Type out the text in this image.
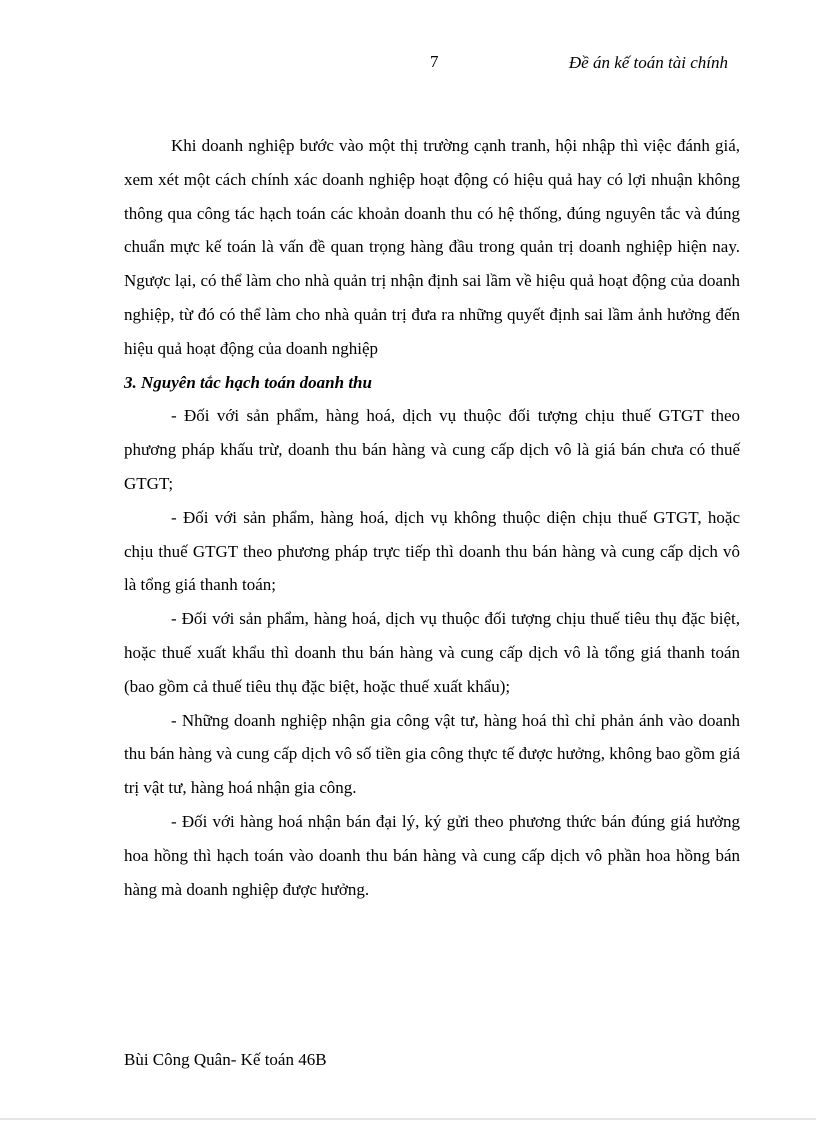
7	Đề án kế toán tài chính

Khi doanh nghiệp bước vào một thị trường cạnh tranh, hội nhập thì việc đánh giá, xem xét một cách chính xác doanh nghiệp hoạt động có hiệu quả hay có lợi nhuận không thông qua công tác hạch toán các khoản doanh thu có hệ thống, đúng nguyên tắc và đúng chuẩn mực kế toán là vấn đề quan trọng hàng đầu trong quản trị doanh nghiệp hiện nay. Ngược lại, có thể làm cho nhà quản trị nhận định sai lầm về hiệu quả hoạt động của doanh nghiệp, từ đó có thể làm cho nhà quản trị đưa ra những quyết định sai lầm ảnh hưởng đến hiệu quả hoạt động của doanh nghiệp

3. Nguyên tắc hạch toán doanh thu

- Đối với sản phẩm, hàng hoá, dịch vụ thuộc đối tượng chịu thuế GTGT theo phương pháp khấu trừ, doanh thu bán hàng và cung cấp dịch vô là giá bán chưa có thuế GTGT;

- Đối với sản phẩm, hàng hoá, dịch vụ không thuộc diện chịu thuế GTGT, hoặc chịu thuế GTGT theo phương pháp trực tiếp thì doanh thu bán hàng và cung cấp dịch vô là tổng giá thanh toán;

- Đối với sản phẩm, hàng hoá, dịch vụ thuộc đối tượng chịu thuế tiêu thụ đặc biệt, hoặc thuế xuất khẩu thì doanh thu bán hàng và cung cấp dịch vô là tổng giá thanh toán (bao gồm cả thuế tiêu thụ đặc biệt, hoặc thuế xuất khẩu);

- Những doanh nghiệp nhận gia công vật tư, hàng hoá thì chỉ phản ánh vào doanh thu bán hàng và cung cấp dịch vô số tiền gia công thực tế được hưởng, không bao gồm giá trị vật tư, hàng hoá nhận gia công.

- Đối với hàng hoá nhận bán đại lý, ký gửi theo phương thức bán đúng giá hưởng hoa hồng thì hạch toán vào doanh thu bán hàng và cung cấp dịch vô phần hoa hồng bán hàng mà doanh nghiệp được hưởng.

Bùi Công Quân- Kế toán 46B
